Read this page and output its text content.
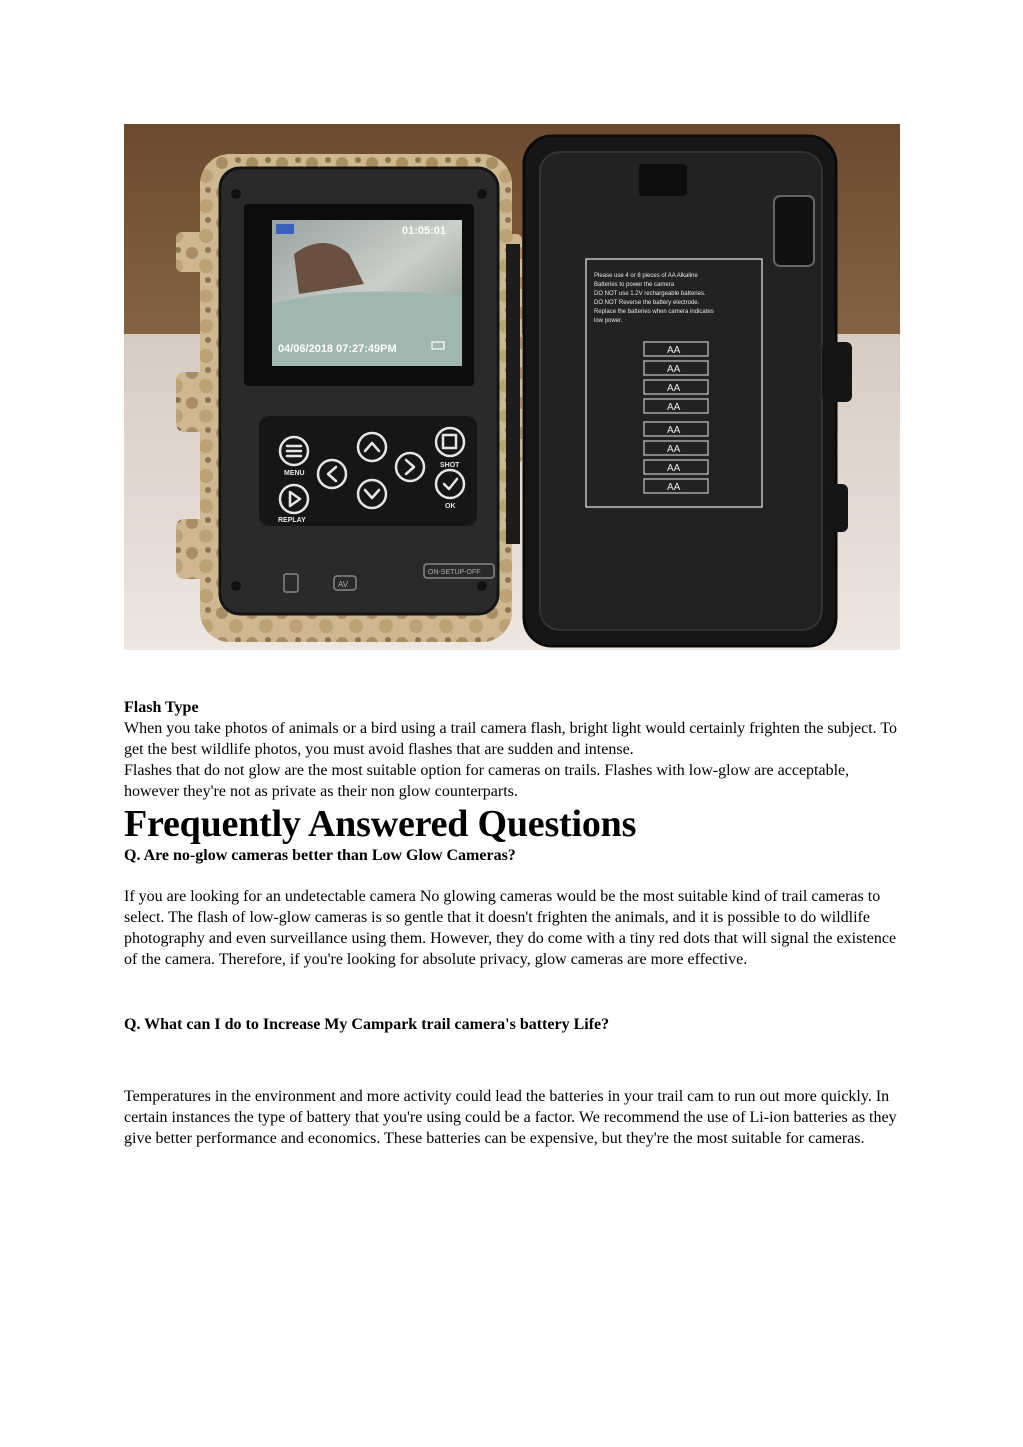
01:05:01
04/06/2018 07:27:49PM
MENU
REPLAY
SHOT
OK
AV
ON-SETUP-OFF
Please use 4 or 8 pieces of AA Alkaline
Batteries to power the camera
DO NOT use 1.2V rechargeable batteries.
DO NOT Reverse the battery electrode.
Replace the batteries when camera indicates
low power.
AA
AA
AA
AA
AA
AA
AA
AA

Flash Type

When you take photos of animals or a bird using a trail camera flash, bright light would certainly frighten the subject. To get the best wildlife photos, you must avoid flashes that are sudden and intense.

Flashes that do not glow are the most suitable option for cameras on trails. Flashes with low-glow are acceptable, however they're not as private as their non glow counterparts.

Frequently Answered Questions

Q. Are no-glow cameras better than Low Glow Cameras?

If you are looking for an undetectable camera No glowing cameras would be the most suitable kind of trail cameras to select. The flash of low-glow cameras is so gentle that it doesn't frighten the animals, and it is possible to do wildlife photography and even surveillance using them. However, they do come with a tiny red dots that will signal the existence of the camera. Therefore, if you're looking for absolute privacy, glow cameras are more effective.

Q. What can I do to Increase My Campark trail camera's battery Life?

Temperatures in the environment and more activity could lead the batteries in your trail cam to run out more quickly. In certain instances the type of battery that you're using could be a factor. We recommend the use of Li-ion batteries as they give better performance and economics. These batteries can be expensive, but they're the most suitable for cameras.
